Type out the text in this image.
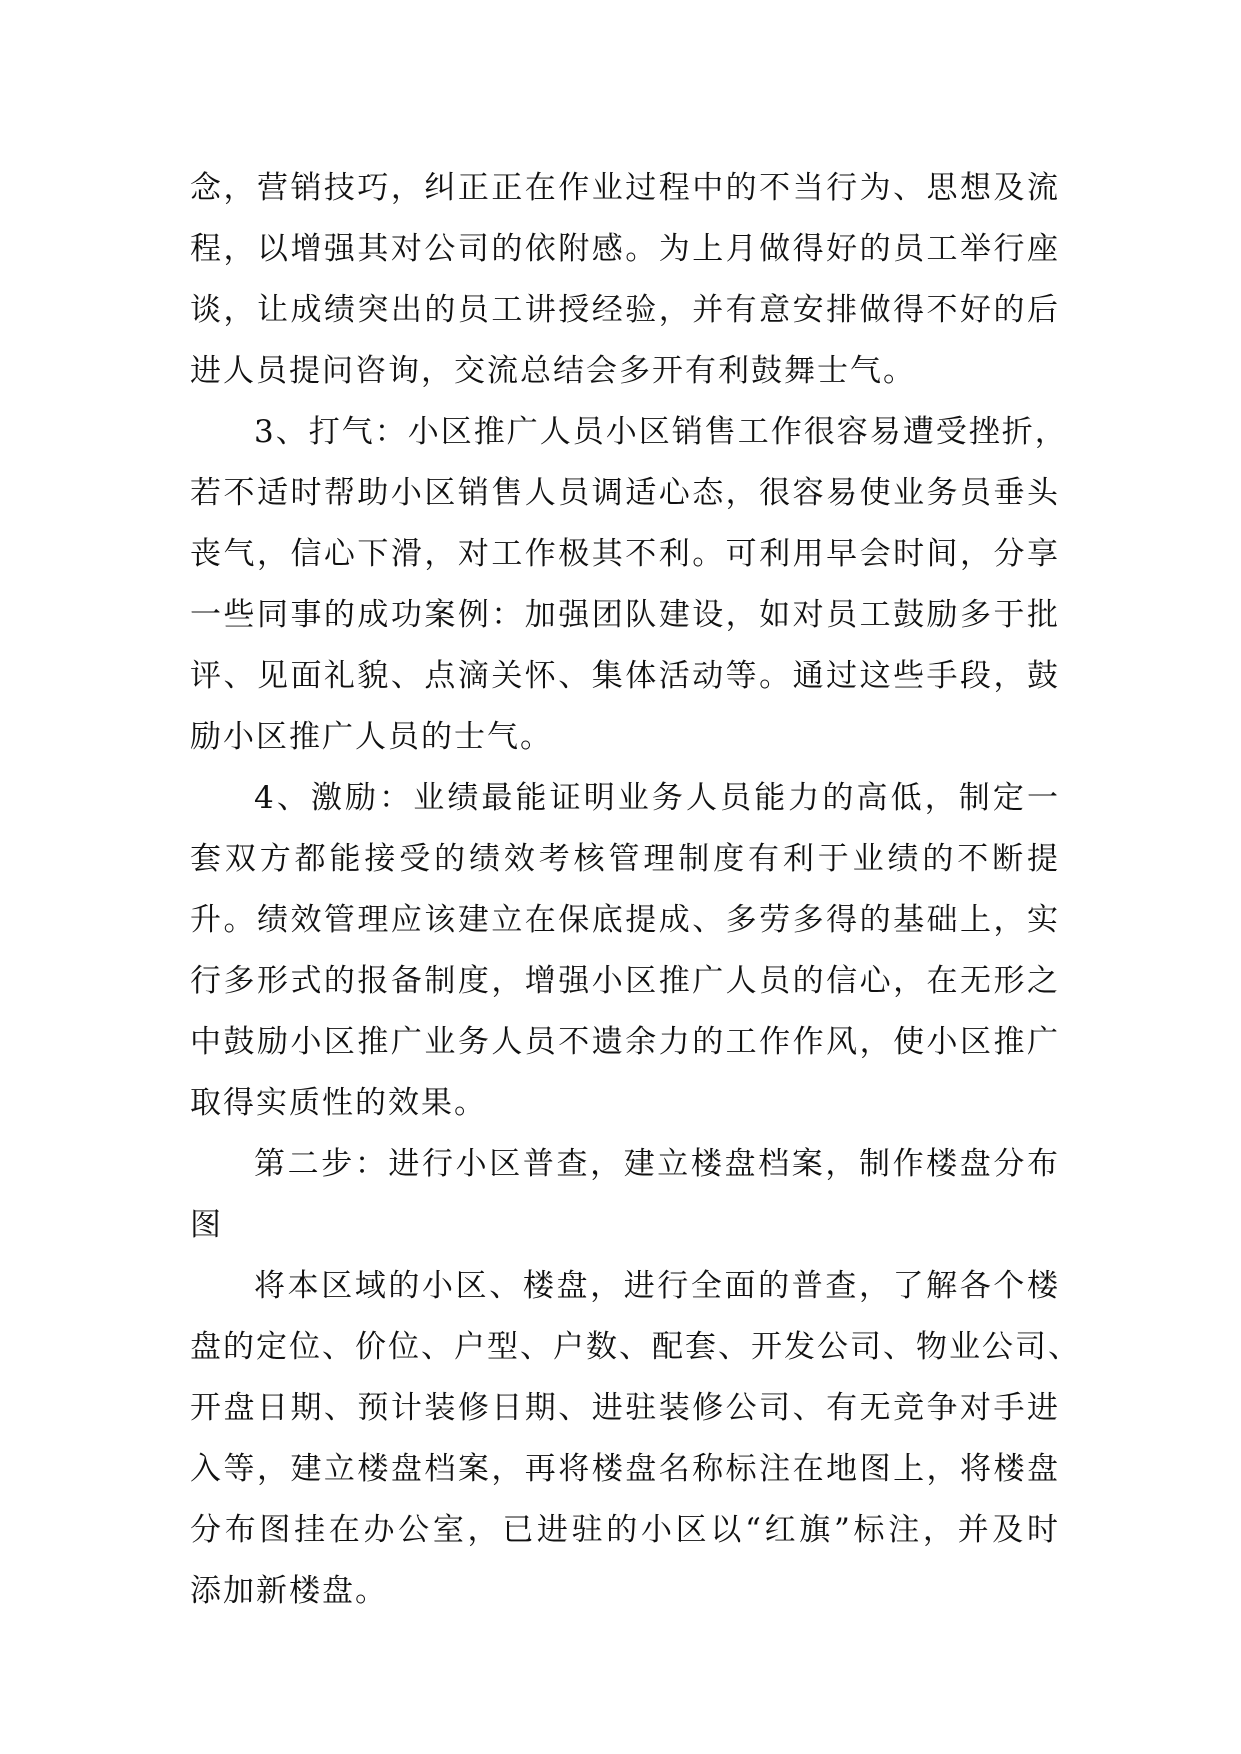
念，营销技巧，纠正正在作业过程中的不当行为、思想及流
程，以增强其对公司的依附感。为上月做得好的员工举行座
谈，让成绩突出的员工讲授经验，并有意安排做得不好的后
进人员提问咨询，交流总结会多开有利鼓舞士气。
3、打气：小区推广人员小区销售工作很容易遭受挫折，
若不适时帮助小区销售人员调适心态，很容易使业务员垂头
丧气，信心下滑，对工作极其不利。可利用早会时间，分享
一些同事的成功案例：加强团队建设，如对员工鼓励多于批
评、见面礼貌、点滴关怀、集体活动等。通过这些手段，鼓
励小区推广人员的士气。
4、激励：业绩最能证明业务人员能力的高低，制定一
套双方都能接受的绩效考核管理制度有利于业绩的不断提
升。绩效管理应该建立在保底提成、多劳多得的基础上，实
行多形式的报备制度，增强小区推广人员的信心，在无形之
中鼓励小区推广业务人员不遗余力的工作作风，使小区推广
取得实质性的效果。
第二步：进行小区普查，建立楼盘档案，制作楼盘分布
图
将本区域的小区、楼盘，进行全面的普查，了解各个楼
盘的定位、价位、户型、户数、配套、开发公司、物业公司、
开盘日期、预计装修日期、进驻装修公司、有无竞争对手进
入等，建立楼盘档案，再将楼盘名称标注在地图上，将楼盘
分布图挂在办公室，已进驻的小区以“红旗”标注，并及时
添加新楼盘。
